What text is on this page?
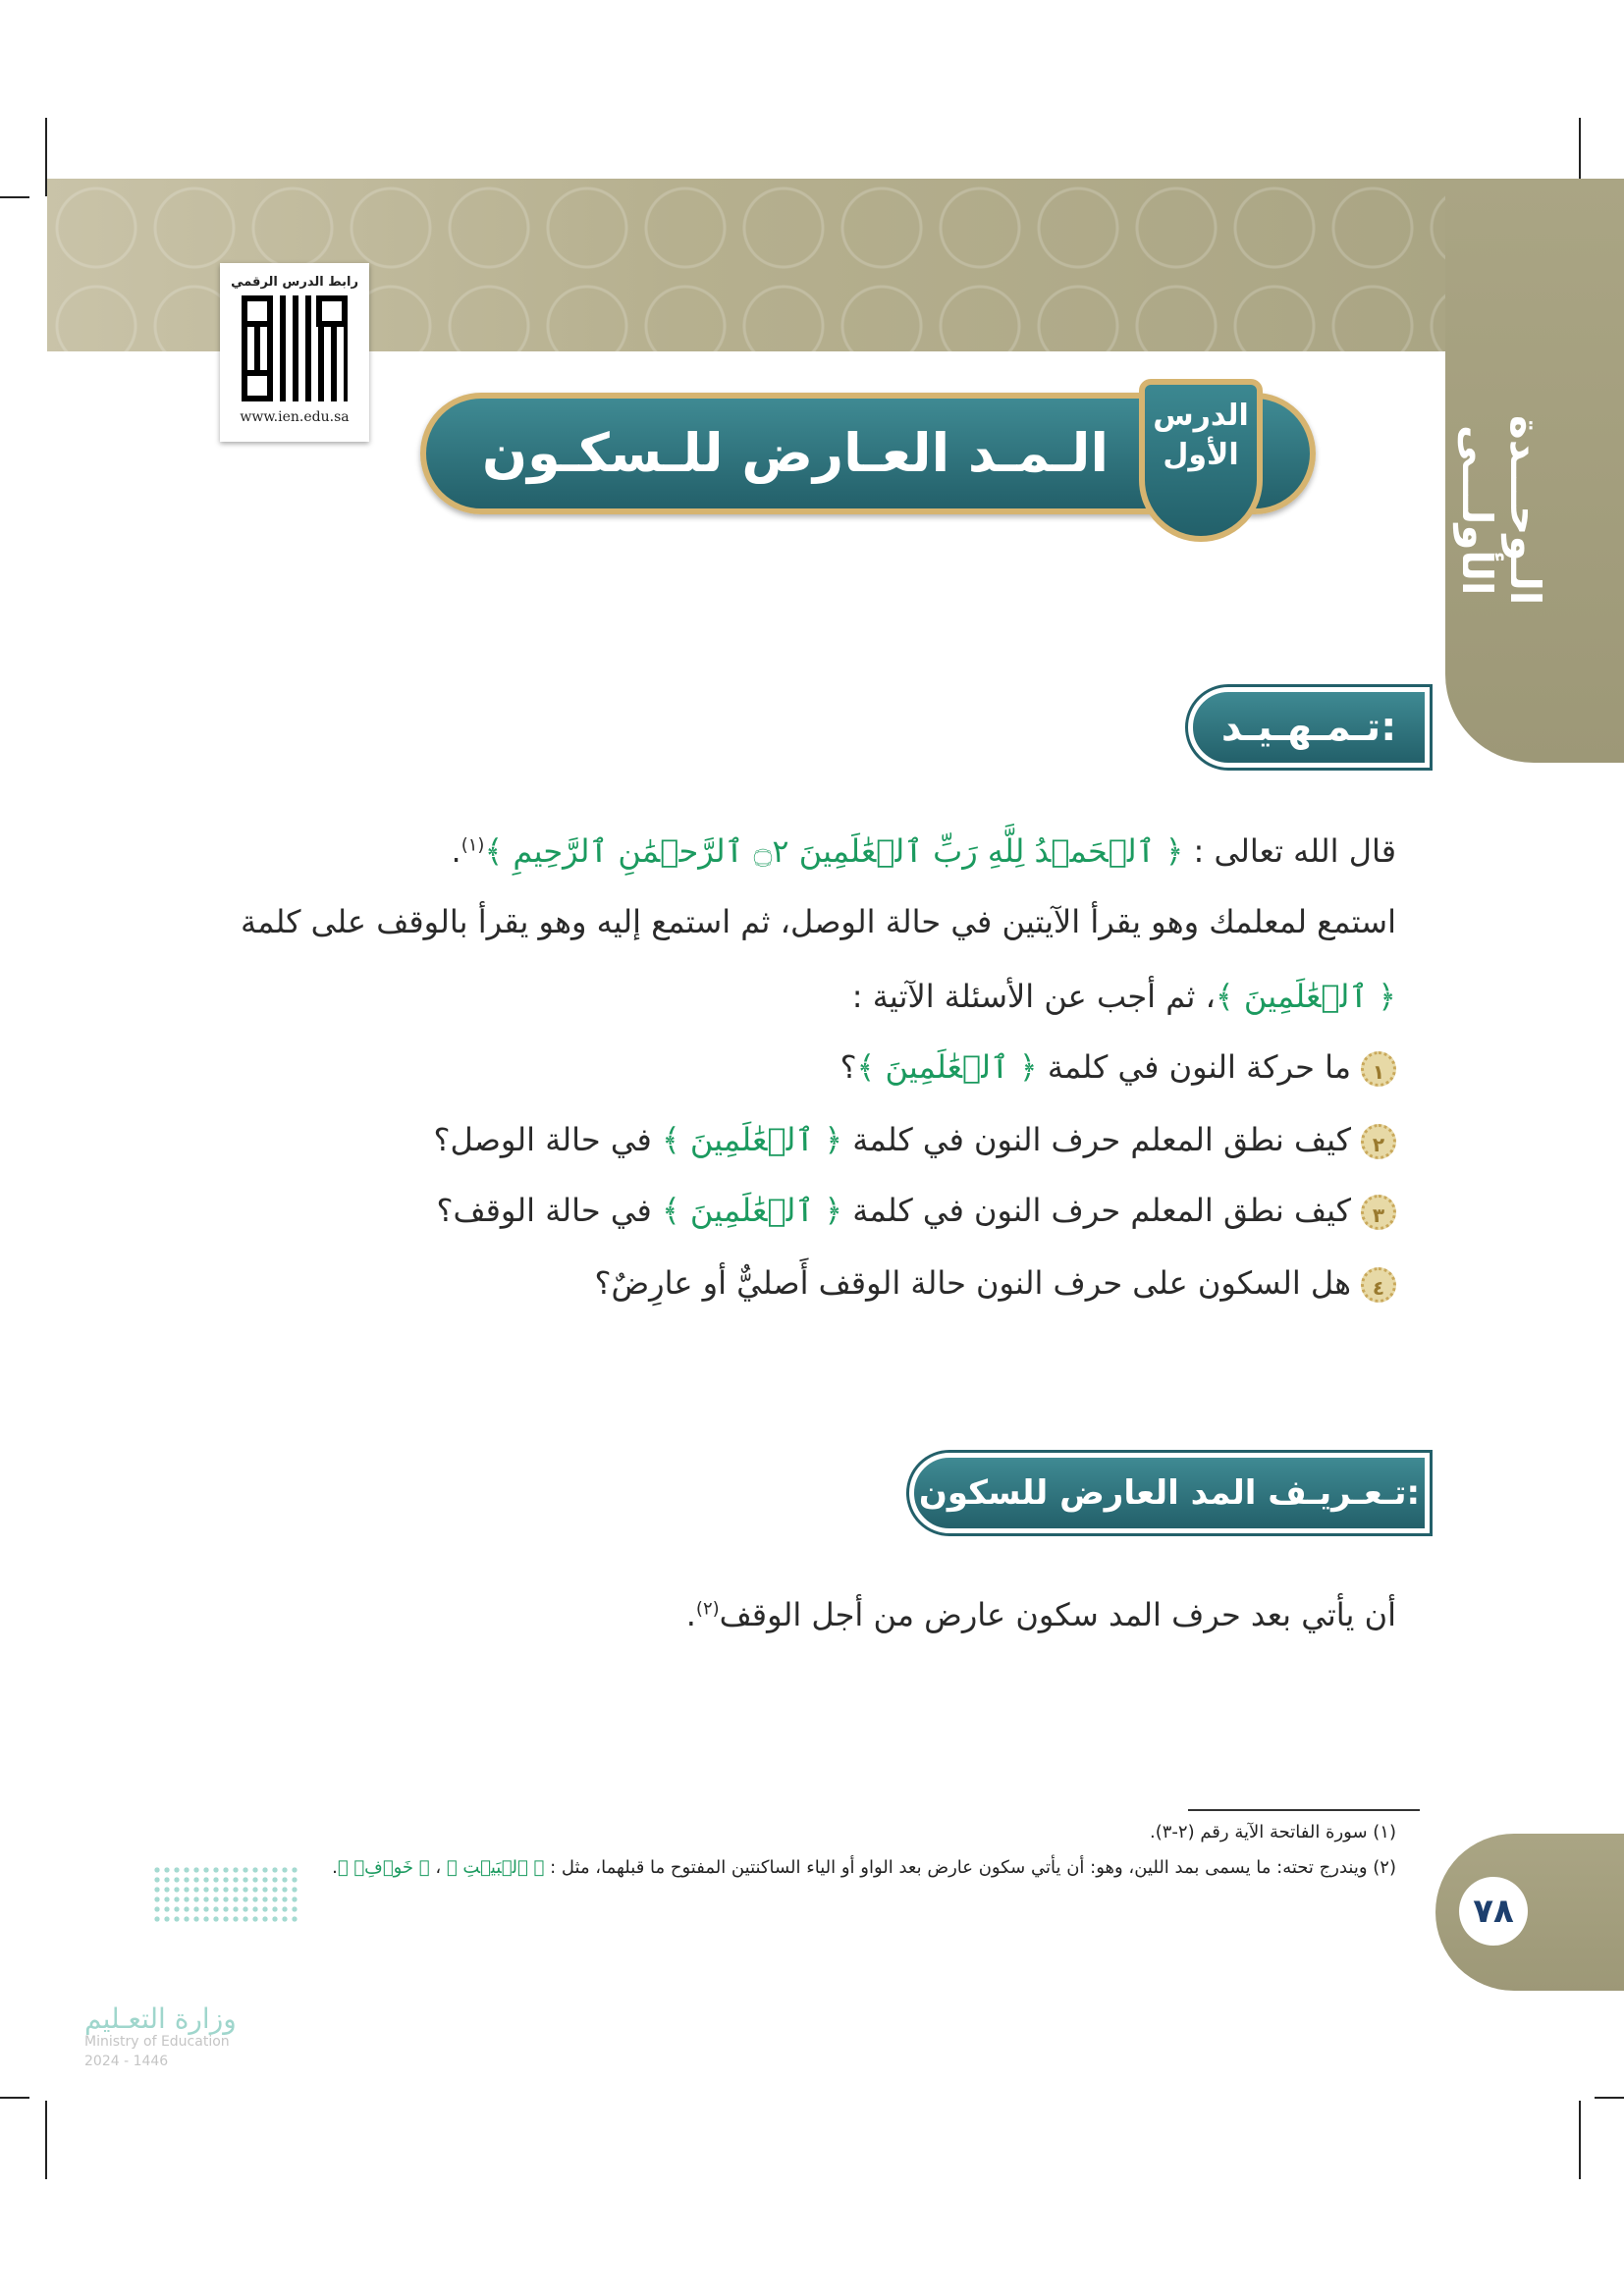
الـوحـــدة الأولـــى
رابط الدرس الرقمي
www.ien.edu.sa
الـمـد العـارض للـسكـون
الدرس الأول
تـمـهـيـد:
قال الله تعالى : ﴿ ٱلۡحَمۡدُ لِلَّهِ رَبِّ ٱلۡعَٰلَمِينَ ۝٢ ٱلرَّحۡمَٰنِ ٱلرَّحِيمِ ﴾$^{(١)}$.
استمع لمعلمك وهو يقرأ الآيتين في حالة الوصل، ثم استمع إليه وهو يقرأ بالوقف على كلمة
﴿ ٱلۡعَٰلَمِينَ ﴾، ثم أجب عن الأسئلة الآتية :
١ما حركة النون في كلمة ﴿ ٱلۡعَٰلَمِينَ ﴾؟
٢كيف نطق المعلم حرف النون في كلمة ﴿ ٱلۡعَٰلَمِينَ ﴾ في حالة الوصل؟
٣كيف نطق المعلم حرف النون في كلمة ﴿ ٱلۡعَٰلَمِينَ ﴾ في حالة الوقف؟
٤هل السكون على حرف النون حالة الوقف أَصليٌّ أو عارِضٌ؟
تـعـريـف المد العارض للسكون:
أن يأتي بعد حرف المد سكون عارض من أجل الوقف$^{(٢)}$.
(١) سورة الفاتحة الآية رقم (٢-٣).
(٢) ويندرج تحته: ما يسمى بمد اللين، وهو: أن يأتي سكون عارض بعد الواو أو الياء الساكنتين المفتوح ما قبلهما، مثل : ﴿ ٱلۡبَيۡتِ ﴾ ، ﴿ خَوۡفِۭ ﴾.
٧٨
وزارة التعـليم
Ministry of Education
2024 - 1446
